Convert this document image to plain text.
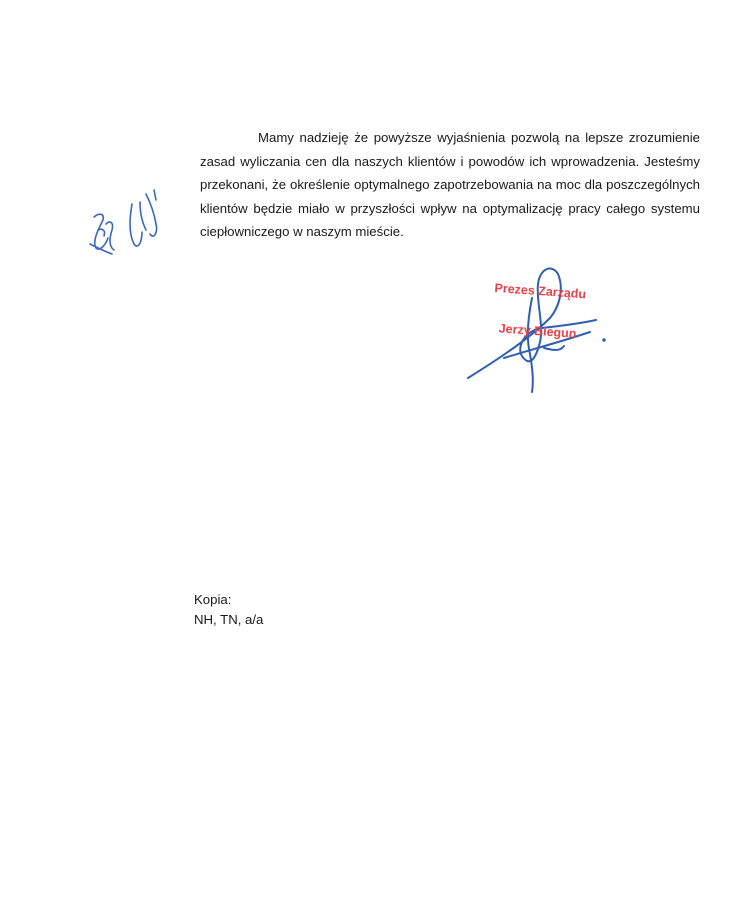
Mamy nadzieję że powyższe wyjaśnienia pozwolą na lepsze zrozumienie zasad wyliczania cen dla naszych klientów i powodów ich wprowadzenia. Jesteśmy przekonani, że określenie optymalnego zapotrzebowania na moc dla poszczególnych klientów będzie miało w przyszłości wpływ na optymalizację pracy całego systemu ciepłowniczego w naszym mieście.

Prezes Zarządu
Jerzy Biegun
Kopia:
NH, TN, a/a
